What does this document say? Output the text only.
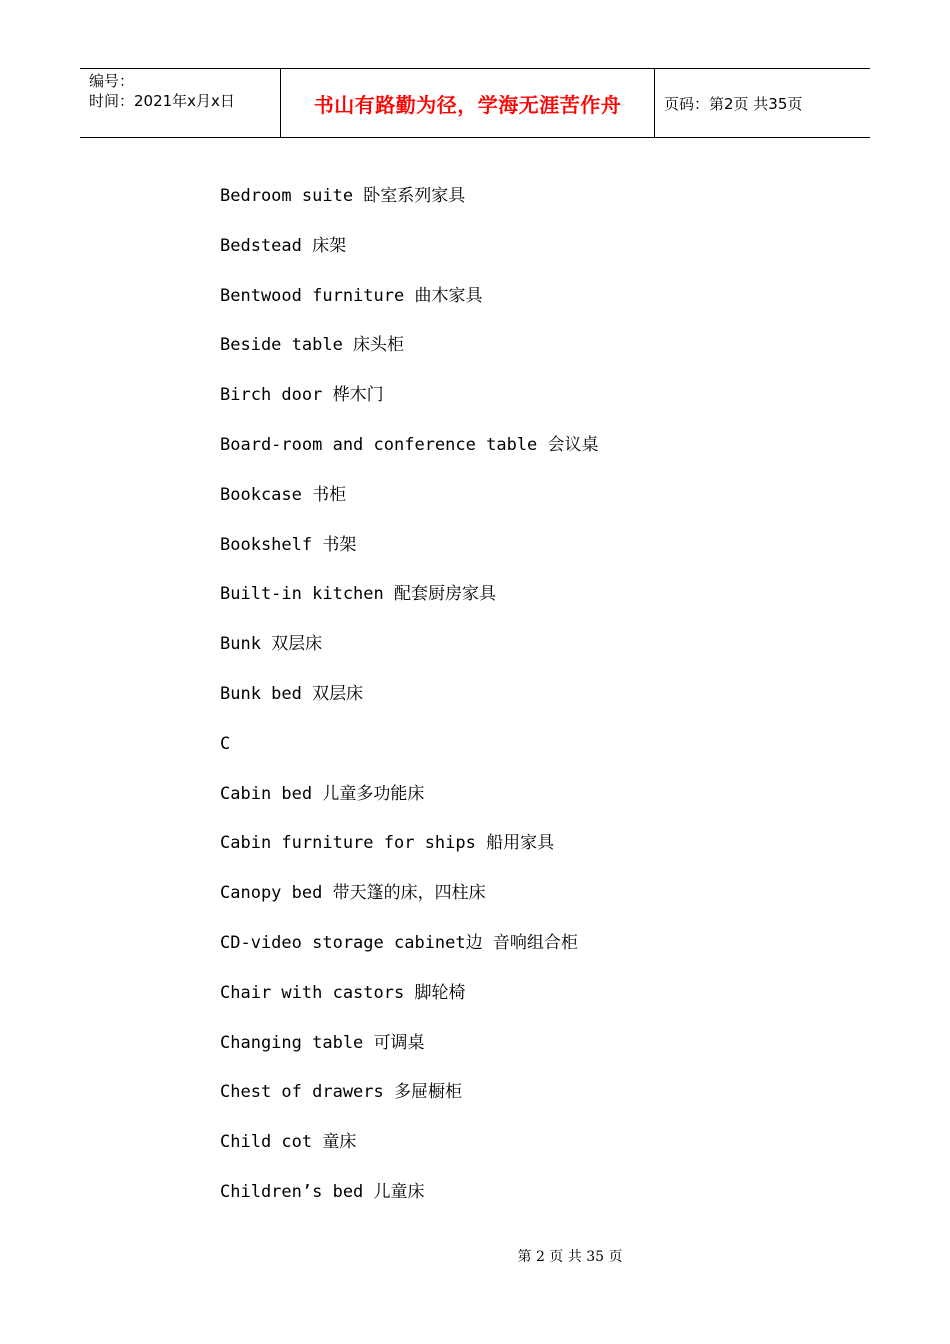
编号：
时间：2021年x月x日	书山有路勤为径，学海无涯苦作舟	页码：第2页 共35页
Bedroom suite 卧室系列家具
Bedstead 床架
Bentwood furniture 曲木家具
Beside table 床头柜
Birch door 桦木门
Board-room and conference table 会议桌
Bookcase 书柜
Bookshelf 书架
Built-in kitchen 配套厨房家具
Bunk 双层床
Bunk bed 双层床
C
Cabin bed 儿童多功能床
Cabin furniture for ships 船用家具
Canopy bed 带天篷的床，四柱床
CD-video storage cabinet边 音响组合柜
Chair with castors 脚轮椅
Changing table 可调桌
Chest of drawers 多屉橱柜
Child cot 童床
Children’s bed 儿童床
第 2 页 共 35 页
